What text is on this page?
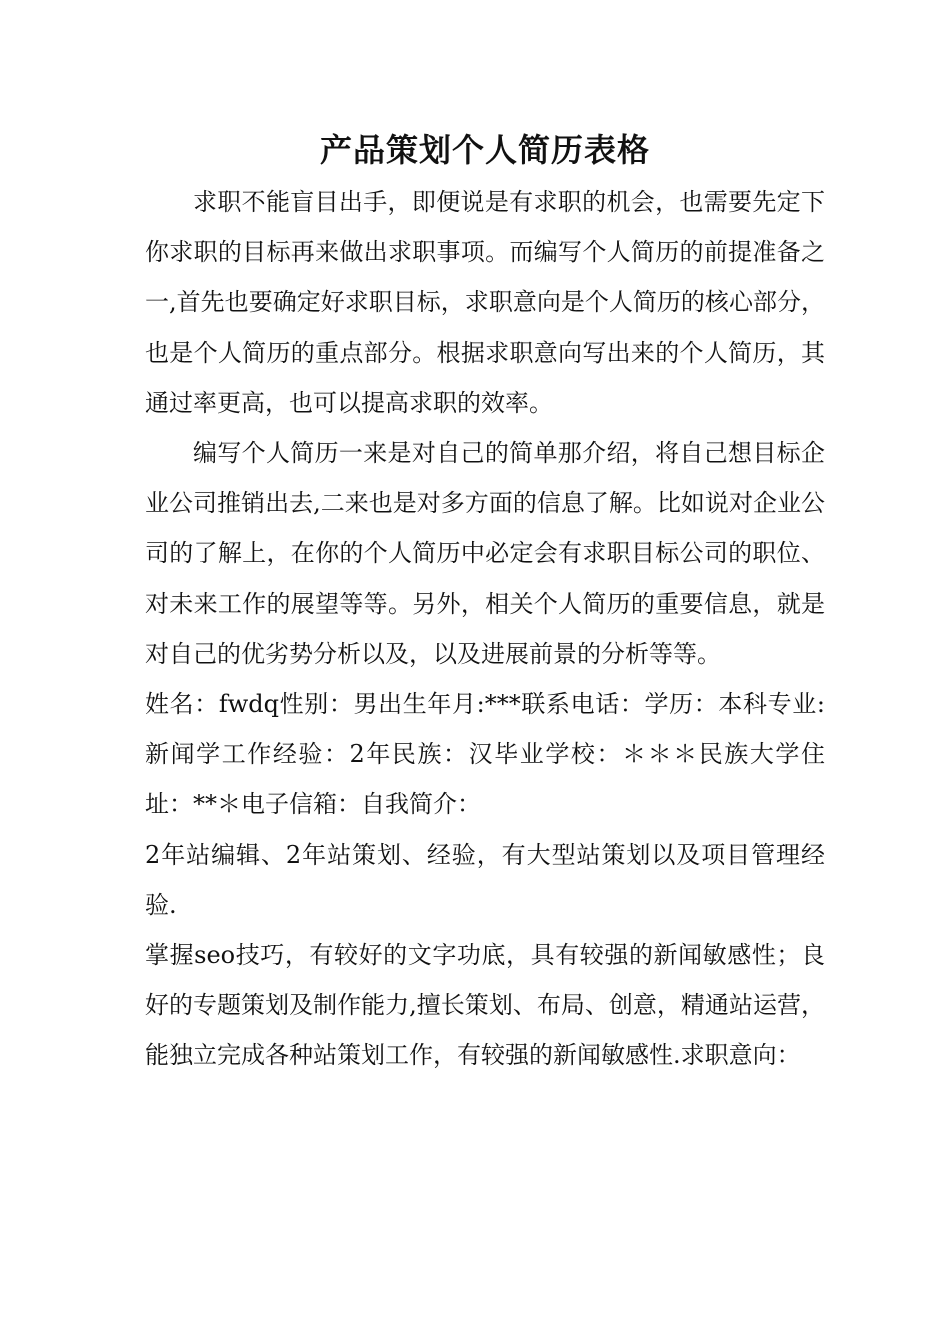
产品策划个人简历表格

求职不能盲目出手，即便说是有求职的机会，也需要先定下你求职的目标再来做出求职事项。而编写个人简历的前提准备之一,首先也要确定好求职目标，求职意向是个人简历的核心部分，也是个人简历的重点部分。根据求职意向写出来的个人简历，其通过率更高，也可以提高求职的效率。

编写个人简历一来是对自己的简单那介绍，将自己想目标企业公司推销出去,二来也是对多方面的信息了解。比如说对企业公司的了解上，在你的个人简历中必定会有求职目标公司的职位、对未来工作的展望等等。另外，相关个人简历的重要信息，就是对自己的优劣势分析以及，以及进展前景的分析等等。

姓名：fwdq性别：男出生年月:***联系电话：学历：本科专业:新闻学工作经验：2年民族：汉毕业学校：＊＊＊民族大学住址：**＊电子信箱：自我简介：

2年站编辑、2年站策划、经验，有大型站策划以及项目管理经验.

掌握seo技巧，有较好的文字功底，具有较强的新闻敏感性；良好的专题策划及制作能力,擅长策划、布局、创意，精通站运营，能独立完成各种站策划工作，有较强的新闻敏感性.求职意向：
